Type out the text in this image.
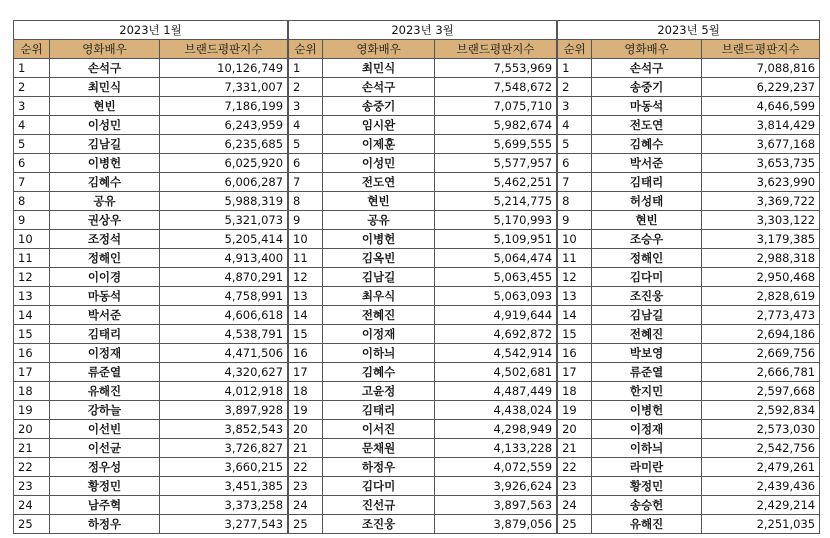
2023년 1월		
순위	영화배우	브랜드평판지수
1	손석구	10,126,749
2	최민식	7,331,007
3	현빈	7,186,199
4	이성민	6,243,959
5	김남길	6,235,685
6	이병헌	6,025,920
7	김혜수	6,006,287
8	공유	5,988,319
9	권상우	5,321,073
10	조정석	5,205,414
11	정해인	4,913,400
12	이이경	4,870,291
13	마동석	4,758,991
14	박서준	4,606,618
15	김태리	4,538,791
16	이정재	4,471,506
17	류준열	4,320,627
18	유해진	4,012,918
19	강하늘	3,897,928
20	이선빈	3,852,543
21	이선균	3,726,827
22	정우성	3,660,215
23	황정민	3,451,385
24	남주혁	3,373,258
25	하정우	3,277,543
2023년 3월		
순위	영화배우	브랜드평판지수
1	최민식	7,553,969
2	손석구	7,548,672
3	송중기	7,075,710
4	임시완	5,982,674
5	이제훈	5,699,555
6	이성민	5,577,957
7	전도연	5,462,251
8	현빈	5,214,775
9	공유	5,170,993
10	이병헌	5,109,951
11	김옥빈	5,064,474
12	김남길	5,063,455
13	최우식	5,063,093
14	전혜진	4,919,644
15	이정재	4,692,872
16	이하늬	4,542,914
17	김혜수	4,502,681
18	고윤정	4,487,449
19	김태리	4,438,024
20	이서진	4,298,949
21	문채원	4,133,228
22	하정우	4,072,559
23	김다미	3,926,624
24	진선규	3,897,563
25	조진웅	3,879,056
2023년 5월		
순위	영화배우	브랜드평판지수
1	손석구	7,088,816
2	송중기	6,229,237
3	마동석	4,646,599
4	전도연	3,814,429
5	김혜수	3,677,168
6	박서준	3,653,735
7	김태리	3,623,990
8	허성태	3,369,722
9	현빈	3,303,122
10	조승우	3,179,385
11	정해인	2,988,318
12	김다미	2,950,468
13	조진웅	2,828,619
14	김남길	2,773,473
15	전혜진	2,694,186
16	박보영	2,669,756
17	류준열	2,666,781
18	한지민	2,597,668
19	이병헌	2,592,834
20	이정재	2,573,030
21	이하늬	2,542,756
22	라미란	2,479,261
23	황정민	2,439,436
24	송승헌	2,429,214
25	유해진	2,251,035
